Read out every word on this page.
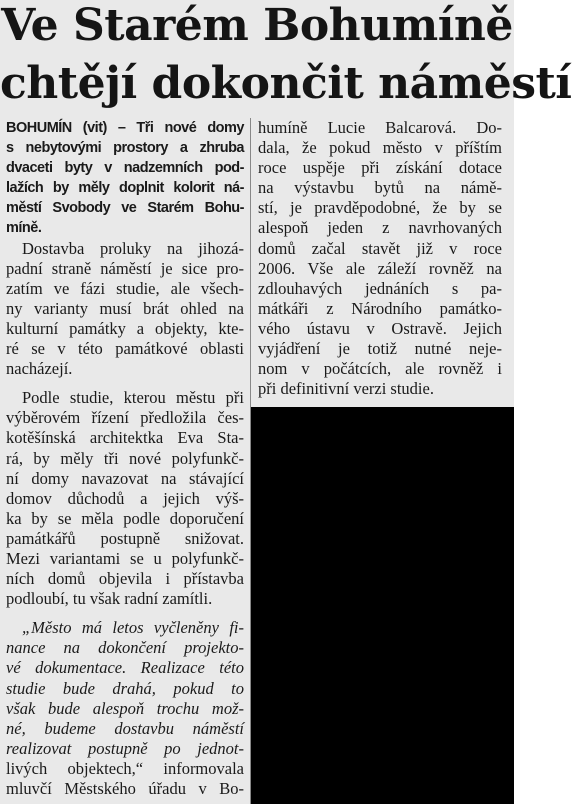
Ve Starém Bohumíně
chtějí dokončit náměstí
BOHUMÍN (vit) – Tři nové domy
s nebytovými prostory a zhruba
dvaceti byty v nadzemních pod-
lažích by měly doplnit kolorit ná-
městí Svobody ve Starém Bohu-
míně.
Dostavba proluky na jihozá-
padní straně náměstí je sice pro-
zatím ve fázi studie, ale všech-
ny varianty musí brát ohled na
kulturní památky a objekty, kte-
ré se v této památkové oblasti
nacházejí.
Podle studie, kterou městu při
výběrovém řízení předložila čes-
kotěšínská architektka Eva Sta-
rá, by měly tři nové polyfunkč-
ní domy navazovat na stávající
domov důchodů a jejich výš-
ka by se měla podle doporučení
památkářů postupně snižovat.
Mezi variantami se u polyfunkč-
ních domů objevila i přístavba
podloubí, tu však radní zamítli.
„Město má letos vyčleněny fi-
nance na dokončení projekto-
vé dokumentace. Realizace této
studie bude drahá, pokud to
však bude alespoň trochu mož-
né, budeme dostavbu náměstí
realizovat postupně po jednot-
livých objektech,“ informovala
mluvčí Městského úřadu v Bo-
humíně Lucie Balcarová. Do-
dala, že pokud město v příštím
roce uspěje při získání dotace
na výstavbu bytů na námě-
stí, je pravděpodobné, že by se
alespoň jeden z navrhovaných
domů začal stavět již v roce
2006. Vše ale záleží rovněž na
zdlouhavých jednáních s pa-
mátkáři z Národního památko-
vého ústavu v Ostravě. Jejich
vyjádření je totiž nutné neje-
nom v počátcích, ale rovněž i
při definitivní verzi studie.
